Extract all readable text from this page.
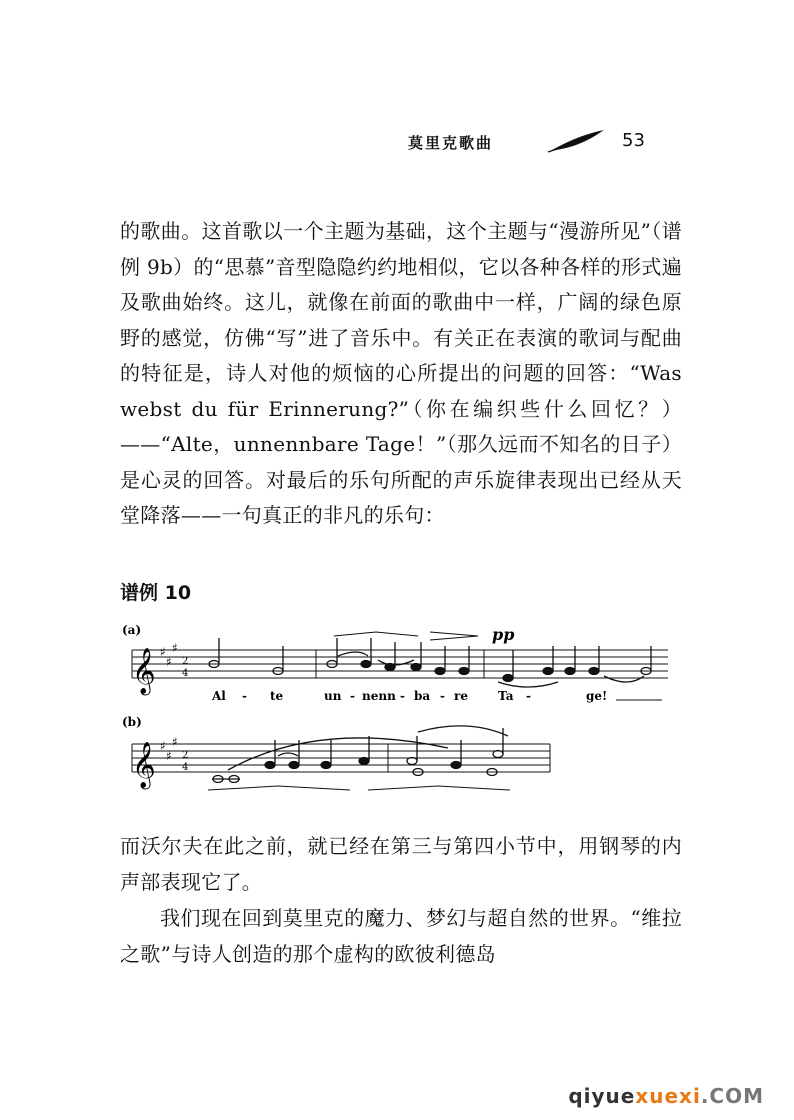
莫里克歌曲	53

的歌曲。这首歌以一个主题为基础，这个主题与“漫游所见”（谱例 9b）的“思慕”音型隐隐约约地相似，它以各种各样的形式遍及歌曲始终。这儿，就像在前面的歌曲中一样，广阔的绿色原野的感觉，仿佛“写”进了音乐中。有关正在表演的歌词与配曲的特征是，诗人对他的烦恼的心所提出的问题的回答：“Was webst du für Erinnerung?”（你在编织些什么回忆？）——“Alte，unnennbare Tage！”（那久远而不知名的日子）是心灵的回答。对最后的乐句所配的声乐旋律表现出已经从天堂降落——一句真正的非凡的乐句：

谱例 10
(a)
𝄞 ♯
♯
♯
2
4
pp
Al - te	un - nenn - ba - re	Ta -	ge!
(b)
𝄞 ♯
♯
♯
2
4

而沃尔夫在此之前，就已经在第三与第四小节中，用钢琴的内声部表现它了。

我们现在回到莫里克的魔力、梦幻与超自然的世界。“维拉之歌”与诗人创造的那个虚构的欧彼利德岛

qiyuexuexi.COM
